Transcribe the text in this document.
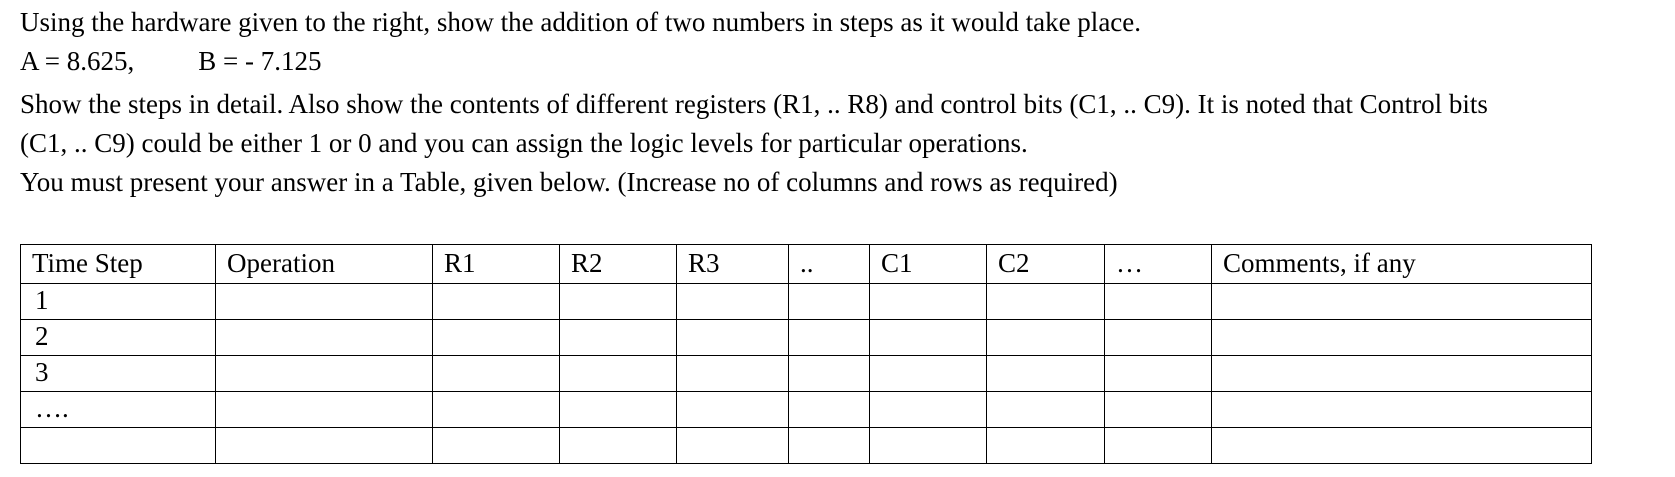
Using the hardware given to the right, show the addition of two numbers in steps as it would take place.

A = 8.625, B = - 7.125

Show the steps in detail. Also show the contents of different registers (R1, .. R8) and control bits (C1, .. C9). It is noted that Control bits

(C1, .. C9) could be either 1 or 0 and you can assign the logic levels for particular operations.

You must present your answer in a Table, given below. (Increase no of columns and rows as required)

Time Step	Operation	R1	R2	R3	..	C1	C2	…	Comments, if any
1									
2									
3									
….									
